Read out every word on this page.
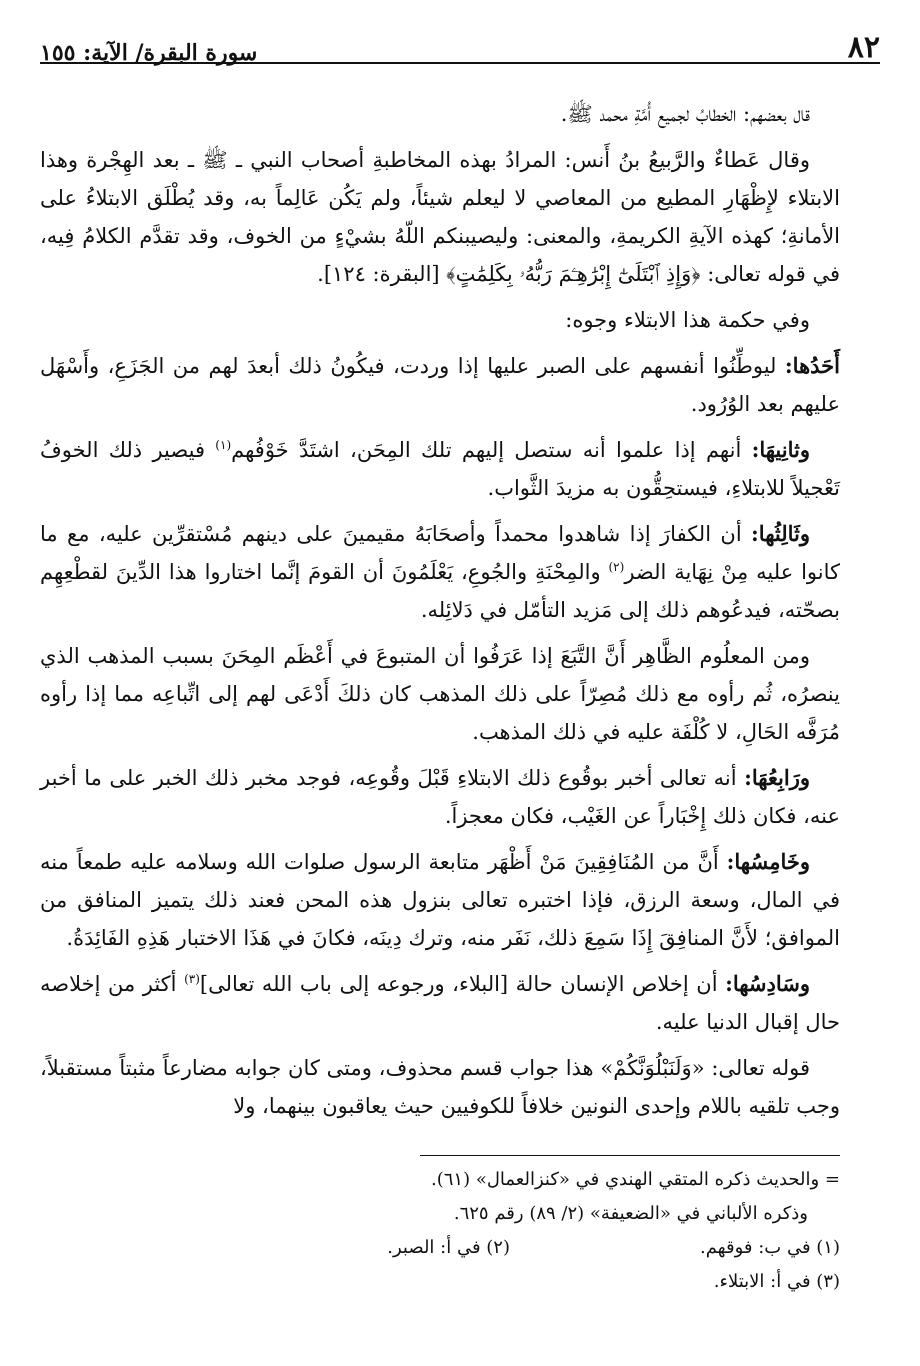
٨٢
سورة البقرة/ الآية: ١٥٥

قال بعضهم: الخطابُ لجميع أُمَّةِ محمد ﷺ.

وقال عَطاءٌ والرَّبيعُ بنُ أَنس: المرادُ بهذه المخاطبةِ أصحاب النبي ـ ﷺ ـ بعد الهِجْرة وهذا الابتلاء لإِظْهَارِ المطيع من المعاصي لا ليعلم شيئاً، ولم يَكُن عَالِماً به، وقد يُطْلَق الابتلاءُ على الأمانةِ؛ كهذه الآيةِ الكريمةِ، والمعنى: وليصيبنكم اللّهُ بشيْءٍ من الخوف، وقد تقدَّم الكلامُ فِيه، في قوله تعالى: ﴿وَإِذِ ٱبْتَلَىٰٓ إِبْرَٰهِـۧمَ رَبُّهُۥ بِكَلِمَٰتٍ﴾ [البقرة: ١٢٤].

وفي حكمة هذا الابتلاء وجوه:

أَحَدُها: ليوطِّنُوا أنفسهم على الصبر عليها إذا وردت، فيكُونُ ذلك أبعدَ لهم من الجَزَعِ، وأَسْهَل عليهم بعد الوُرُود.

وثانِيهَا: أنهم إذا علموا أنه ستصل إليهم تلك المِحَن، اشتَدَّ خَوْفُهم$^{(١)}$ فيصير ذلك الخوفُ تَعْجيلاً للابتلاءِ، فيستحِقُّون به مزيدَ الثَّواب.

وثَالِثُها: أن الكفارَ إذا شاهدوا محمداً وأصحَابَهُ مقيمينَ على دينهم مُسْتقرِّين عليه، مع ما كانوا عليه مِنْ نِهَاية الضر$^{(٢)}$ والمِحْنَةِ والجُوعِ، يَعْلَمُونَ أن القومَ إنَّما اختاروا هذا الدِّينَ لقطْعِهِم بصحّته، فيدعُوهم ذلك إلى مَزيد التأمّل في دَلائِله.

ومن المعلُوم الظَّاهِر أَنَّ التَّبَعَ إذا عَرَفُوا أن المتبوعَ في أَعْظَم المِحَنَ بسبب المذهب الذي ينصرُه، ثُم رأوه مع ذلك مُصِرّاً على ذلك المذهب كان ذلكَ أَدْعَى لهم إلى اتِّباعِه مما إذا رأوه مُرَفَّه الحَالِ، لا كُلْفَة عليه في ذلك المذهب.

ورَابِعُهَا: أنه تعالى أخبر بوقُوع ذلك الابتلاءِ قَبْلَ وقُوعِه، فوجد مخبر ذلك الخبر على ما أخبر عنه، فكان ذلك إِخْبَاراً عن الغَيْب، فكان معجزاً.

وخَامِسُها: أَنَّ من المُنَافِقِينَ مَنْ أَظْهَر متابعة الرسول صلوات الله وسلامه عليه طمعاً منه في المال، وسعة الرزق، فإذا اختبره تعالى بنزول هذه المحن فعند ذلك يتميز المنافق من الموافق؛ لأَنَّ المنافِقَ إِذَا سَمِعَ ذلك، نَفَر منه، وترك دِينَه، فكانَ في هَذَا الاختبار هَذِهِ الفَائِدَةُ.

وسَادِسُها: أن إخلاص الإنسان حالة [البلاء، ورجوعه إلى باب الله تعالى]$^{(٣)}$ أكثر من إخلاصه حال إقبال الدنيا عليه.

قوله تعالى: «وَلَنَبْلُوَنَّكُمْ» هذا جواب قسم محذوف، ومتى كان جوابه مضارعاً مثبتاً مستقبلاً، وجب تلقيه باللام وإحدى النونين خلافاً للكوفيين حيث يعاقبون بينهما، ولا

= والحديث ذكره المتقي الهندي في «كنزالعمال» (٦١).

وذكره الألباني في «الضعيفة» (٢/ ٨٩) رقم ٦٢٥.

(١) في ب: فوقهم.
(٢) في أ: الصبر.

(٣) في أ: الابتلاء.
